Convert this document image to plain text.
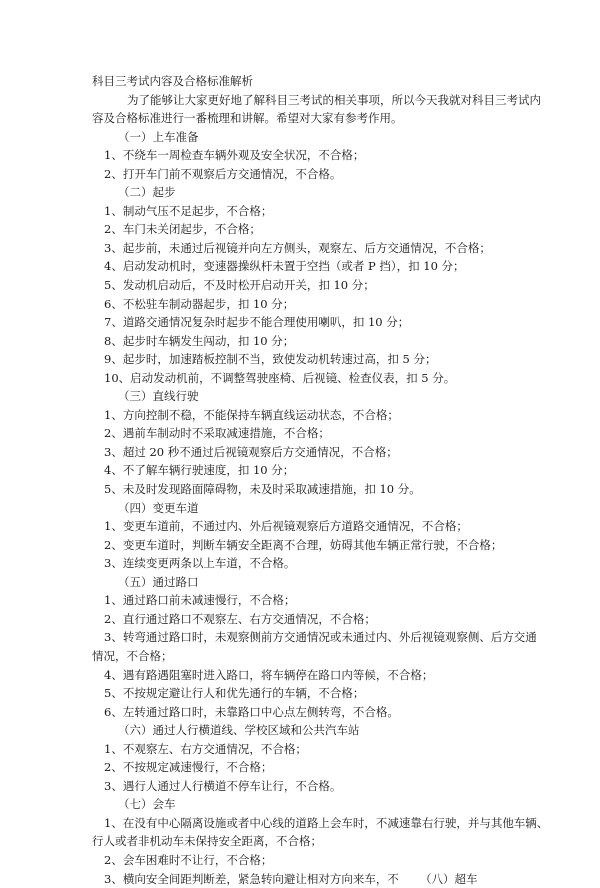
科目三考试内容及合格标准解析
为了能够让大家更好地了解科目三考试的相关事项，所以今天我就对科目三考试内
容及合格标准进行一番梳理和讲解。希望对大家有参考作用。
（一）上车准备
1、不绕车一周检查车辆外观及安全状况，不合格；
2、打开车门前不观察后方交通情况，不合格。
（二）起步
1、制动气压不足起步，不合格；
2、车门未关闭起步，不合格；
3、起步前，未通过后视镜并向左方侧头，观察左、后方交通情况，不合格；
4、启动发动机时，变速器操纵杆未置于空挡（或者 P 挡），扣 10 分；
5、发动机启动后，不及时松开启动开关，扣 10 分；
6、不松驻车制动器起步，扣 10 分；
7、道路交通情况复杂时起步不能合理使用喇叭，扣 10 分；
8、起步时车辆发生闯动，扣 10 分；
9、起步时，加速踏板控制不当，致使发动机转速过高，扣 5 分；
10、启动发动机前，不调整驾驶座椅、后视镜、检查仪表，扣 5 分。
（三）直线行驶
1、方向控制不稳，不能保持车辆直线运动状态，不合格；
2、遇前车制动时不采取减速措施，不合格；
3、超过 20 秒不通过后视镜观察后方交通情况，不合格；
4、不了解车辆行驶速度，扣 10 分；
5、未及时发现路面障碍物，未及时采取减速措施，扣 10 分。
（四）变更车道
1、变更车道前，不通过内、外后视镜观察后方道路交通情况，不合格；
2、变更车道时，判断车辆安全距离不合理，妨碍其他车辆正常行驶，不合格；
3、连续变更两条以上车道，不合格。
（五）通过路口
1、通过路口前未减速慢行，不合格；
2、直行通过路口不观察左、右方交通情况，不合格；
3、转弯通过路口时，未观察侧前方交通情况或未通过内、外后视镜观察侧、后方交通
情况，不合格；
4、遇有路遇阻塞时进入路口，将车辆停在路口内等候，不合格；
5、不按规定避让行人和优先通行的车辆，不合格；
6、左转通过路口时，未靠路口中心点左侧转弯，不合格。
（六）通过人行横道线、学校区域和公共汽车站
1、不观察左、右方交通情况，不合格；
2、不按规定减速慢行，不合格；
3、遇行人通过人行横道不停车让行，不合格。
（七）会车
1、在没有中心隔离设施或者中心线的道路上会车时，不减速靠右行驶，并与其他车辆、
行人或者非机动车未保持安全距离，不合格；
2、会车困难时不让行，不合格；
3、横向安全间距判断差，紧急转向避让相对方向来车，不 （八）超车
